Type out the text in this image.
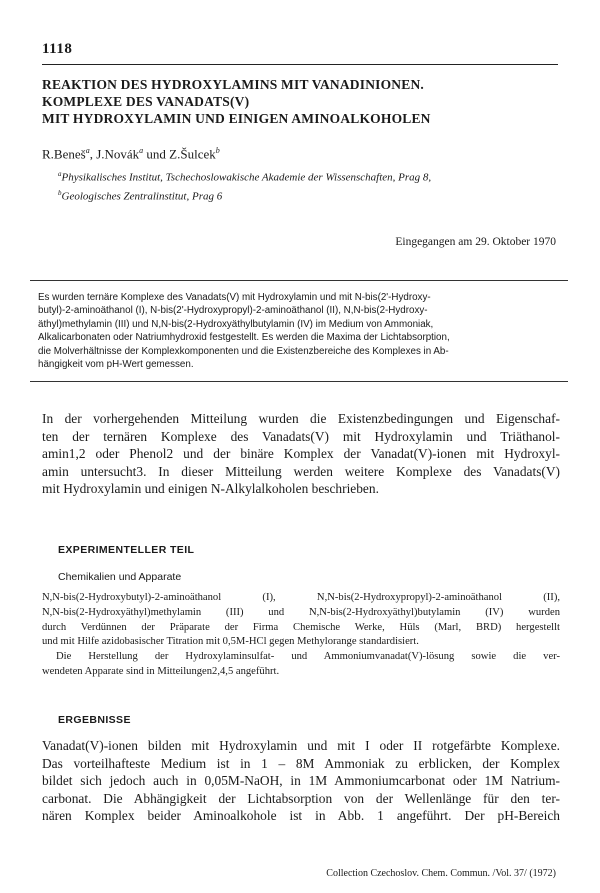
1118
REAKTION DES HYDROXYLAMINS MIT VANADINIONEN.
KOMPLEXE DES VANADATS(V)
MIT HYDROXYLAMIN UND EINIGEN AMINOALKOHOLEN
R.Beneš$^a$, J.Novák$^a$ und Z.Šulcek$^b$
$^a$Physikalisches Institut, Tschechoslowakische Akademie der Wissenschaften, Prag 8,
$^b$Geologisches Zentralinstitut, Prag 6
Eingegangen am 29. Oktober 1970
Es wurden ternäre Komplexe des Vanadats(V) mit Hydroxylamin und mit N-bis(2'-Hydroxy-
butyl)-2-aminoäthanol (I), N-bis(2'-Hydroxypropyl)-2-aminoäthanol (II), N,N-bis(2-Hydroxy-
äthyl)methylamin (III) und N,N-bis(2-Hydroxyäthylbutylamin (IV) im Medium von Ammoniak,
Alkalicarbonaten oder Natriumhydroxid festgestellt. Es werden die Maxima der Lichtabsorption,
die Molverhältnisse der Komplexkomponenten und die Existenzbereiche des Komplexes in Ab-
hängigkeit vom pH-Wert gemessen.
In der vorhergehenden Mitteilung wurden die Existenzbedingungen und Eigenschaf-
ten der ternären Komplexe des Vanadats(V) mit Hydroxylamin und Triäthanol-
amin1,2 oder Phenol2 und der binäre Komplex der Vanadat(V)-ionen mit Hydroxyl-
amin untersucht3. In dieser Mitteilung werden weitere Komplexe des Vanadats(V)
mit Hydroxylamin und einigen N-Alkylalkoholen beschrieben.
EXPERIMENTELLER TEIL
Chemikalien und Apparate
N,N-bis(2-Hydroxybutyl)-2-aminoäthanol (I), N,N-bis(2-Hydroxypropyl)-2-aminoäthanol (II),
N,N-bis(2-Hydroxyäthyl)methylamin (III) und N,N-bis(2-Hydroxyäthyl)butylamin (IV) wurden
durch Verdünnen der Präparate der Firma Chemische Werke, Hüls (Marl, BRD) hergestellt
und mit Hilfe azidobasischer Titration mit 0,5M-HCl gegen Methylorange standardisiert.
Die Herstellung der Hydroxylaminsulfat- und Ammoniumvanadat(V)-lösung sowie die ver-
wendeten Apparate sind in Mitteilungen2,4,5 angeführt.
ERGEBNISSE
Vanadat(V)-ionen bilden mit Hydroxylamin und mit I oder II rotgefärbte Komplexe.
Das vorteilhafteste Medium ist in 1 – 8M Ammoniak zu erblicken, der Komplex
bildet sich jedoch auch in 0,05M-NaOH, in 1M Ammoniumcarbonat oder 1M Natrium-
carbonat. Die Abhängigkeit der Lichtabsorption von der Wellenlänge für den ter-
nären Komplex beider Aminoalkohole ist in Abb. 1 angeführt. Der pH-Bereich
Collection Czechoslov. Chem. Commun. /Vol. 37/ (1972)
